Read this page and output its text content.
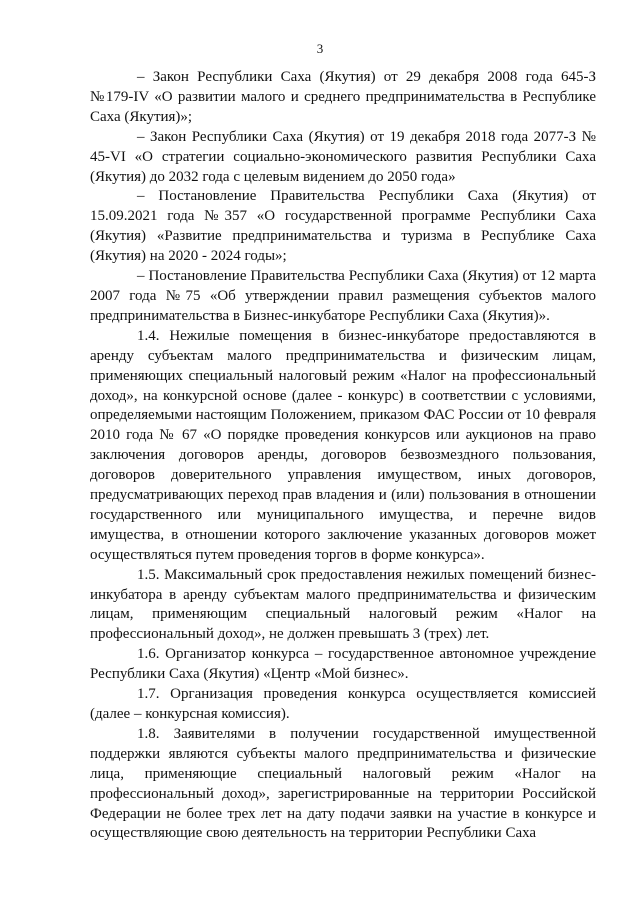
3

– Закон Республики Саха (Якутия) от 29 декабря 2008 года 645-З №179-IV «О развитии малого и среднего предпринимательства в Республике Саха (Якутия)»;

– Закон Республики Саха (Якутия) от 19 декабря 2018 года 2077-З № 45-VI «О стратегии социально-экономического развития Республики Саха (Якутия) до 2032 года с целевым видением до 2050 года»

– Постановление Правительства Республики Саха (Якутия) от 15.09.2021 года №357 «О государственной программе Республики Саха (Якутия) «Развитие предпринимательства и туризма в Республике Саха (Якутия) на 2020 - 2024 годы»;

– Постановление Правительства Республики Саха (Якутия) от 12 марта 2007 года №75 «Об утверждении правил размещения субъектов малого предпринимательства в Бизнес-инкубаторе Республики Саха (Якутия)».

1.4. Нежилые помещения в бизнес-инкубаторе предоставляются в аренду субъектам малого предпринимательства и физическим лицам, применяющих специальный налоговый режим «Налог на профессиональный доход», на конкурсной основе (далее - конкурс) в соответствии с условиями, определяемыми настоящим Положением, приказом ФАС России от 10 февраля 2010 года № 67 «О порядке проведения конкурсов или аукционов на право заключения договоров аренды, договоров безвозмездного пользования, договоров доверительного управления имуществом, иных договоров, предусматривающих переход прав владения и (или) пользования в отношении государственного или муниципального имущества, и перечне видов имущества, в отношении которого заключение указанных договоров может осуществляться путем проведения торгов в форме конкурса».

1.5. Максимальный срок предоставления нежилых помещений бизнес-инкубатора в аренду субъектам малого предпринимательства и физическим лицам, применяющим специальный налоговый режим «Налог на профессиональный доход», не должен превышать 3 (трех) лет.

1.6. Организатор конкурса – государственное автономное учреждение Республики Саха (Якутия) «Центр «Мой бизнес».

1.7. Организация проведения конкурса осуществляется комиссией (далее – конкурсная комиссия).

1.8. Заявителями в получении государственной имущественной поддержки являются субъекты малого предпринимательства и физические лица, применяющие специальный налоговый режим «Налог на профессиональный доход», зарегистрированные на территории Российской Федерации не более трех лет на дату подачи заявки на участие в конкурсе и осуществляющие свою деятельность на территории Республики Саха
